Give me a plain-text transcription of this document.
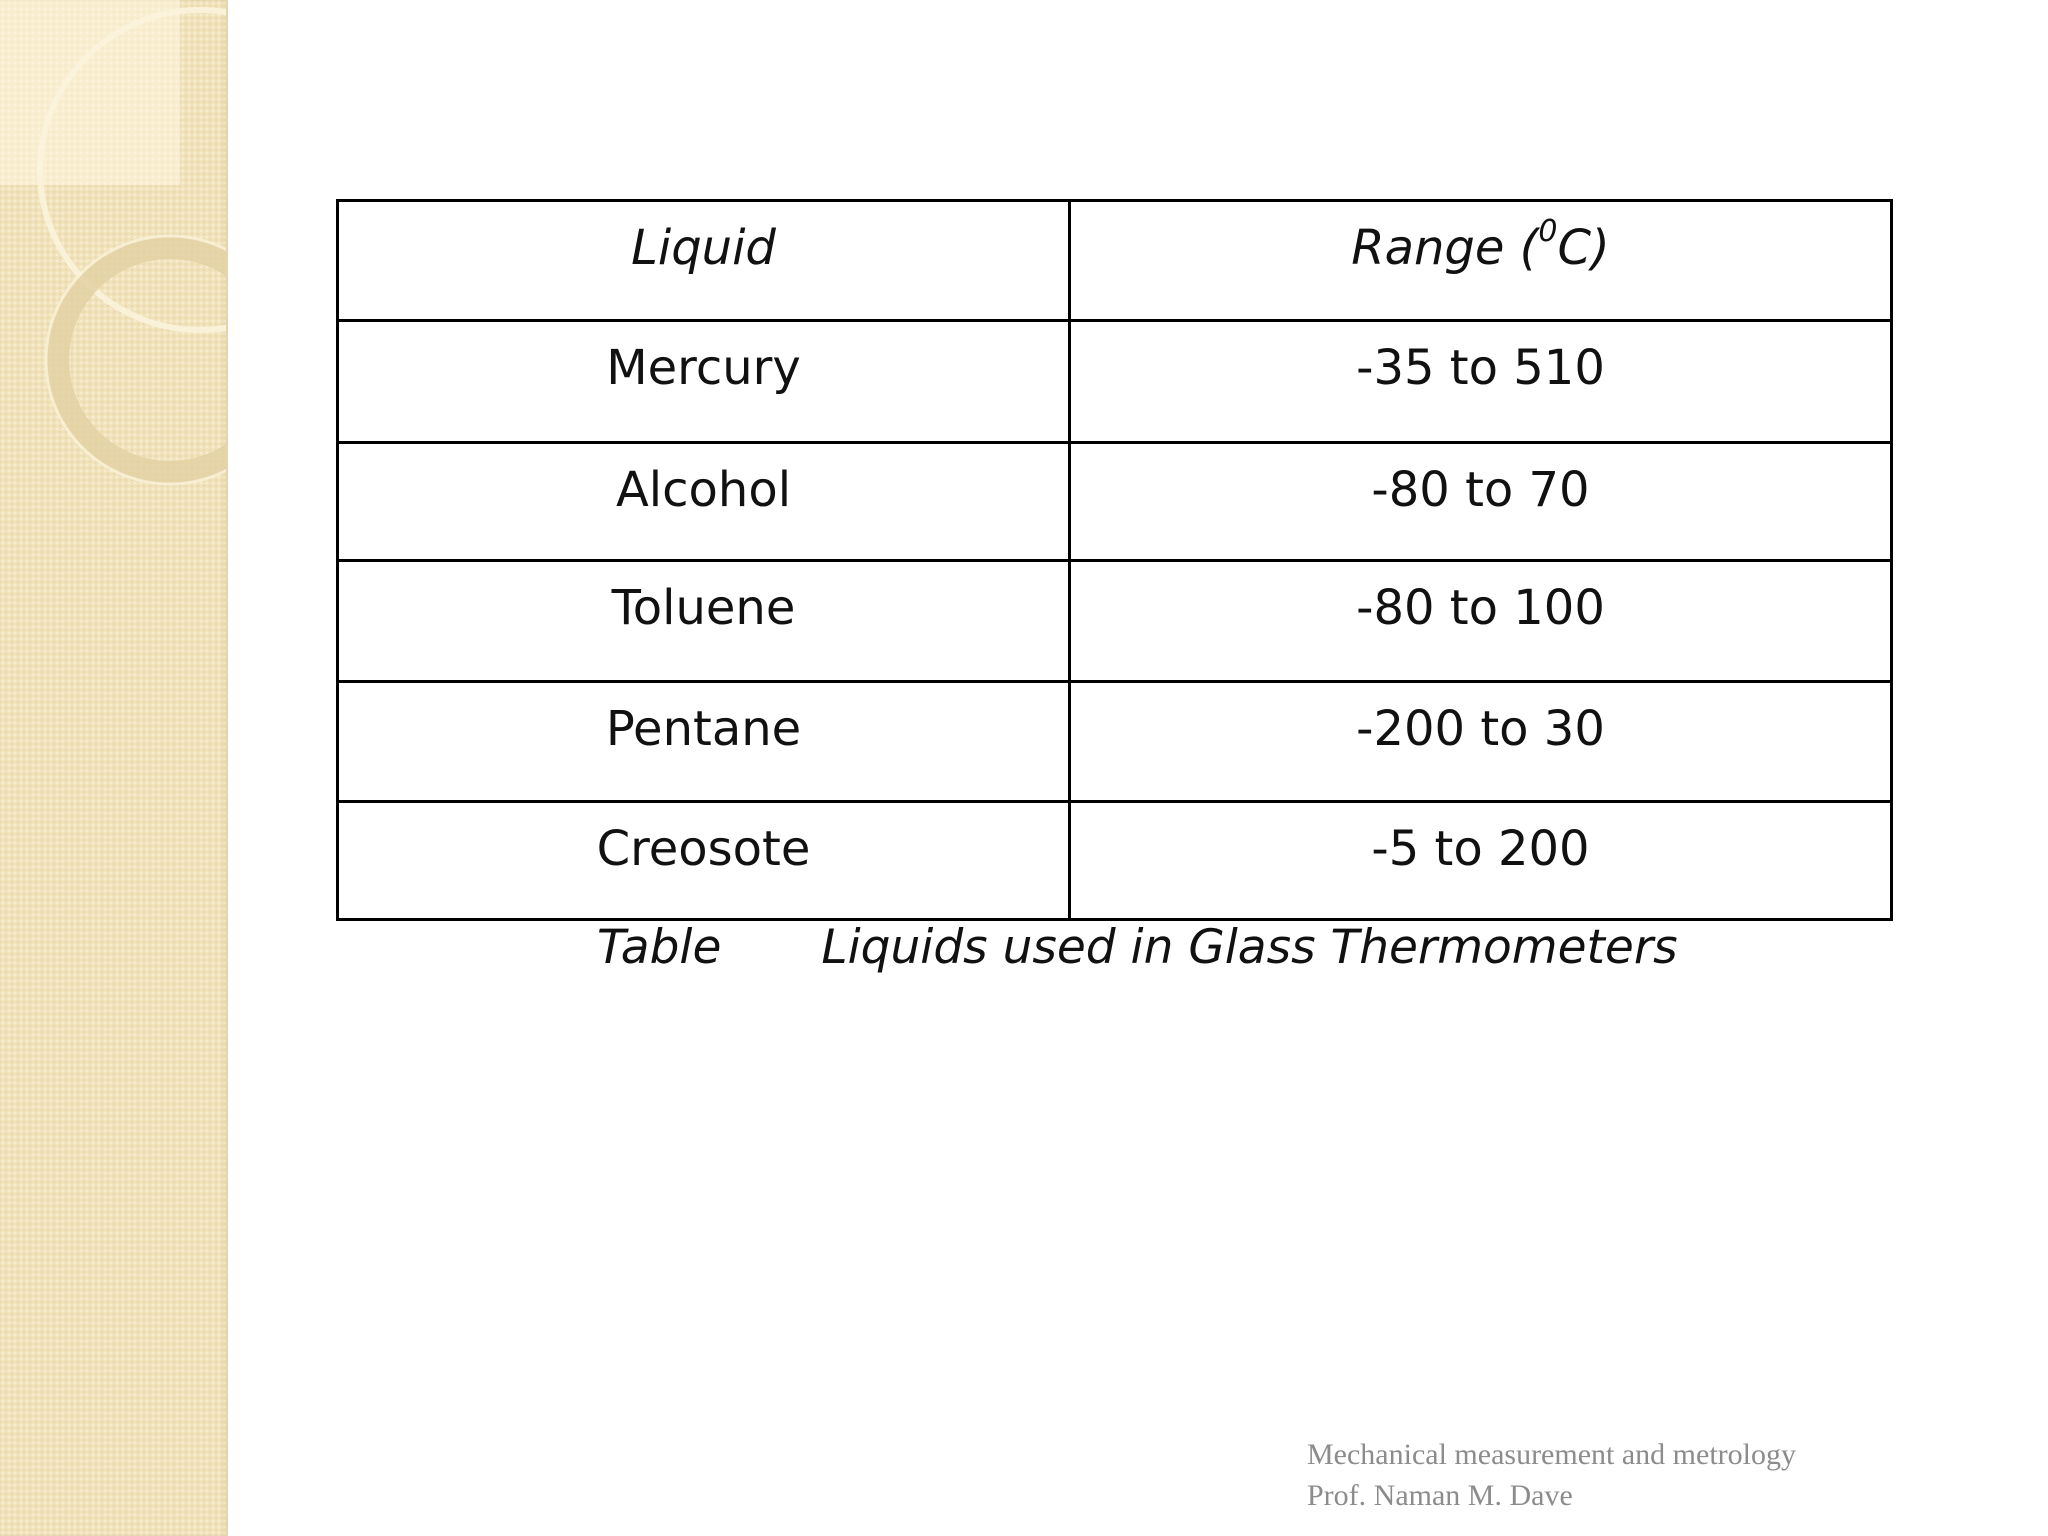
Liquid	Range ($^0$C)
Mercury	-35 to 510
Alcohol	-80 to 70
Toluene	-80 to 100
Pentane	-200 to 30
Creosote	-5 to 200
Table Liquids used in Glass Thermometers
Mechanical measurement and metrology
Prof. Naman M. Dave
